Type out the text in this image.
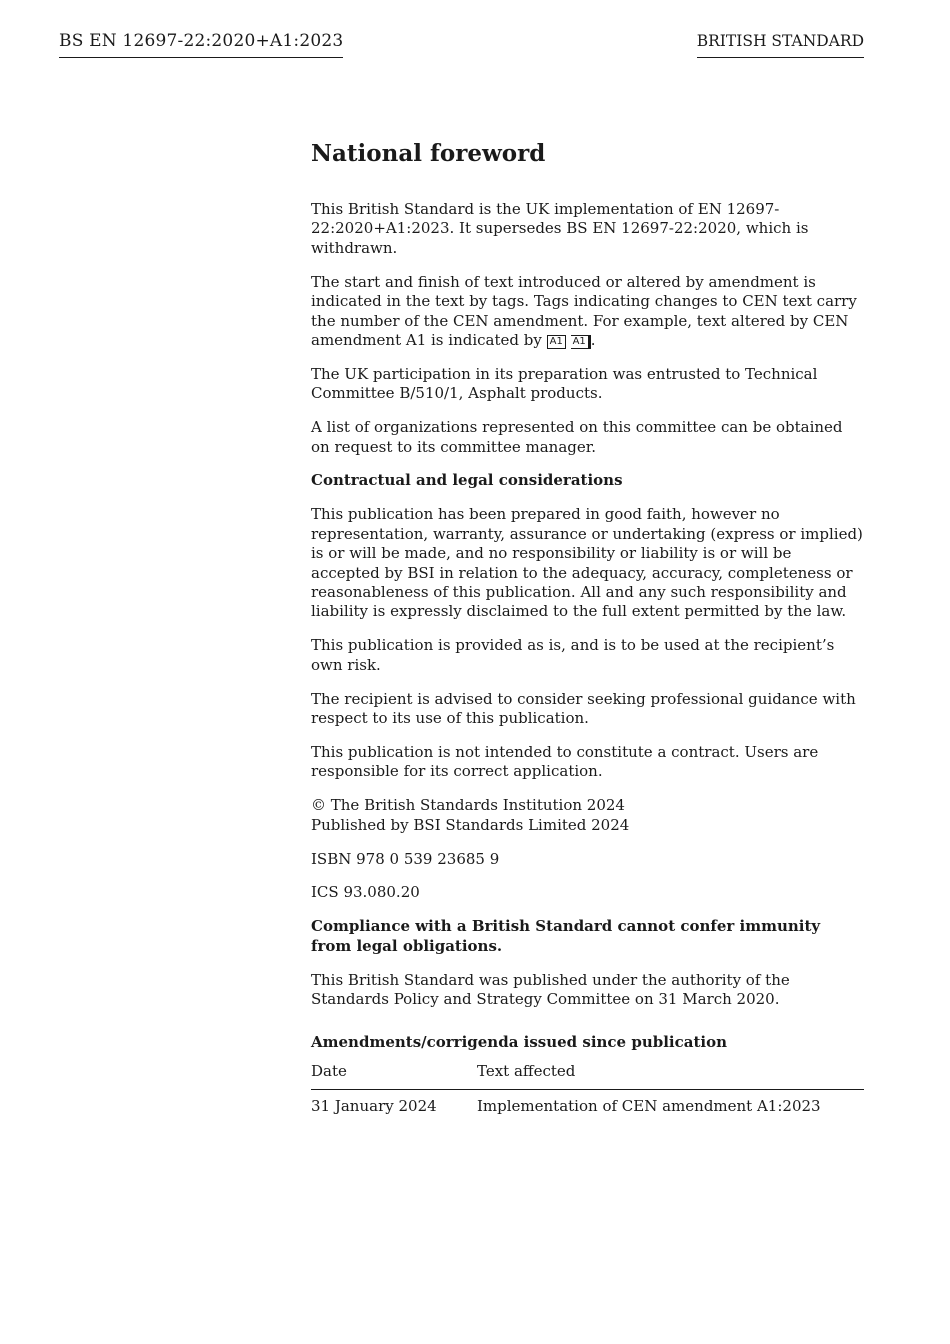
BS EN 12697-22:2020+A1:2023	BRITISH STANDARD
National foreword

This British Standard is the UK implementation of EN 12697-22:2020+A1:2023. It supersedes BS EN 12697-22:2020, which is withdrawn.

The start and finish of text introduced or altered by amendment is indicated in the text by tags. Tags indicating changes to CEN text carry the number of the CEN amendment. For example, text altered by CEN amendment A1 is indicated by A1 A1 .

The UK participation in its preparation was entrusted to Technical Committee B/510/1, Asphalt products.

A list of organizations represented on this committee can be obtained on request to its committee manager.

Contractual and legal considerations

This publication has been prepared in good faith, however no representation, warranty, assurance or undertaking (express or implied) is or will be made, and no responsibility or liability is or will be accepted by BSI in relation to the adequacy, accuracy, completeness or reasonableness of this publication. All and any such responsibility and liability is expressly disclaimed to the full extent permitted by the law.

This publication is provided as is, and is to be used at the recipient’s own risk.

The recipient is advised to consider seeking professional guidance with respect to its use of this publication.

This publication is not intended to constitute a contract. Users are responsible for its correct application.

© The British Standards Institution 2024
Published by BSI Standards Limited 2024

ISBN 978 0 539 23685 9

ICS 93.080.20

Compliance with a British Standard cannot confer immunity from legal obligations.

This British Standard was published under the authority of the Standards Policy and Strategy Committee on 31 March 2020.

Amendments/corrigenda issued since publication

Date	Text affected
31 January 2024	Implementation of CEN amendment A1:2023
